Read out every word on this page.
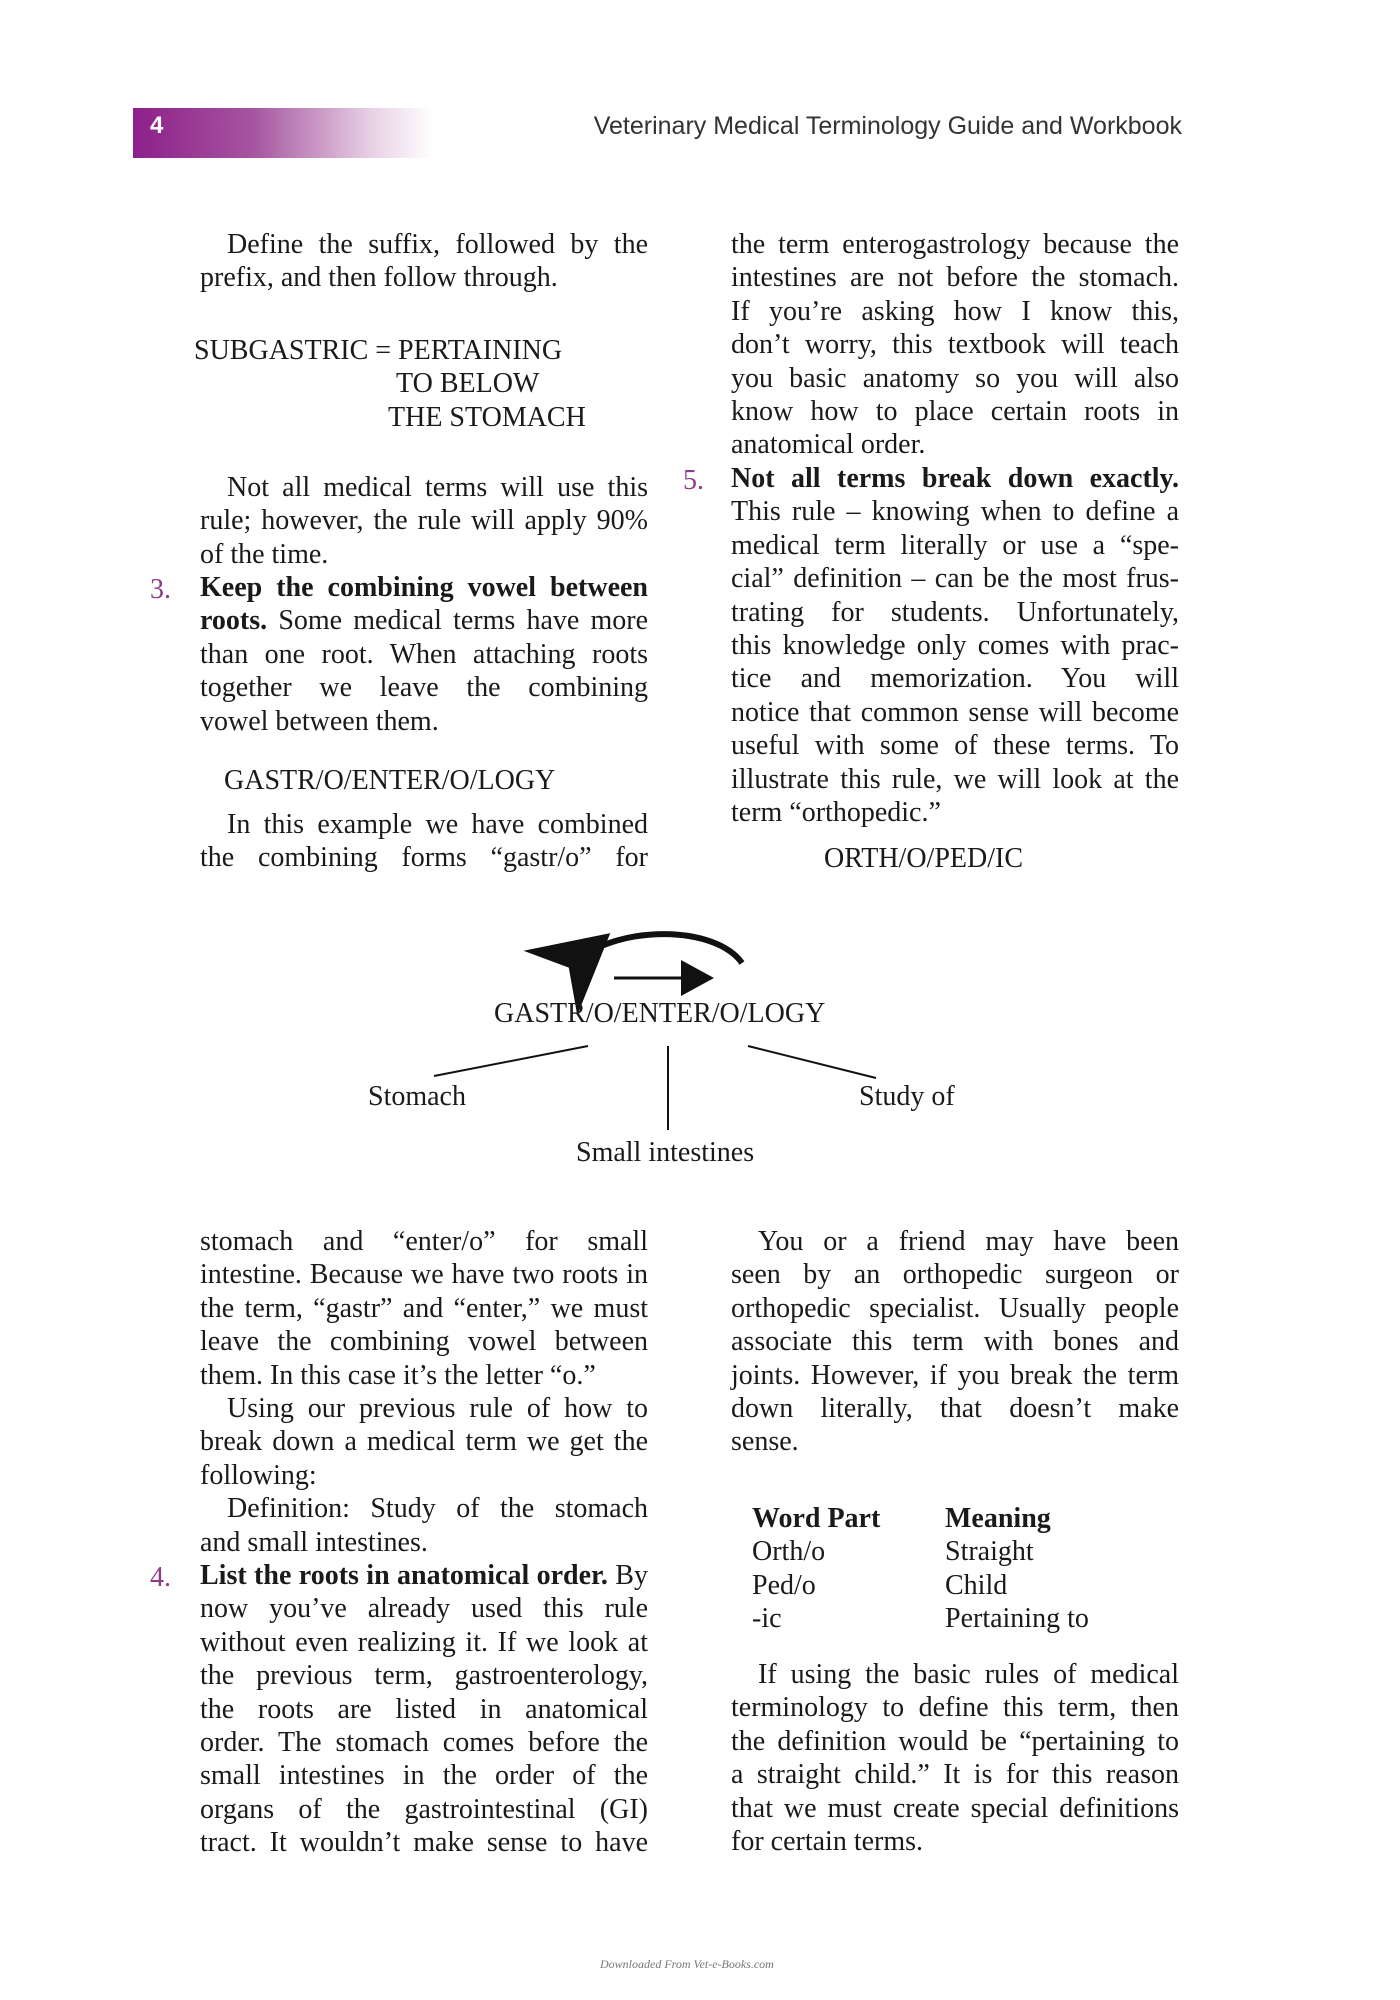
4	Veterinary Medical Terminology Guide and Workbook

Define the suffix, followed by the

prefix, and then follow through.

SUBGASTRIC = PERTAINING

TO BELOW

THE STOMACH

Not all medical terms will use this

rule; however, the rule will apply 90%

of the time.

3. Keep the combining vowel between

roots. Some medical terms have more

than one root. When attaching roots

together we leave the combining

vowel between them.

GASTR/O/ENTER/O/LOGY

In this example we have combined

the combining forms “gastr/o” for

the term enterogastrology because the

intestines are not before the stomach.

If you’re asking how I know this,

don’t worry, this textbook will teach

you basic anatomy so you will also

know how to place certain roots in

anatomical order.

5. Not all terms break down exactly.

This rule – knowing when to define a

medical term literally or use a “spe-

cial” definition – can be the most frus-

trating for students. Unfortunately,

this knowledge only comes with prac-

tice and memorization. You will

notice that common sense will become

useful with some of these terms. To

illustrate this rule, we will look at the

term “orthopedic.”

ORTH/O/PED/IC
GASTR/O/ENTER/O/LOGY
Stomach
Small intestines
Study of

stomach and “enter/o” for small

intestine. Because we have two roots in

the term, “gastr” and “enter,” we must

leave the combining vowel between

them. In this case it’s the letter “o.”

Using our previous rule of how to

break down a medical term we get the

following:

Definition: Study of the stomach

and small intestines.

4. List the roots in anatomical order. By

now you’ve already used this rule

without even realizing it. If we look at

the previous term, gastroenterology,

the roots are listed in anatomical

order. The stomach comes before the

small intestines in the order of the

organs of the gastrointestinal (GI)

tract. It wouldn’t make sense to have

You or a friend may have been

seen by an orthopedic surgeon or

orthopedic specialist. Usually people

associate this term with bones and

joints. However, if you break the term

down literally, that doesn’t make

sense.

Word Part	Meaning
Orth/o	Straight
Ped/o	Child
-ic	Pertaining to

If using the basic rules of medical

terminology to define this term, then

the definition would be “pertaining to

a straight child.” It is for this reason

that we must create special definitions

for certain terms.

Downloaded From Vet-e-Books.com
